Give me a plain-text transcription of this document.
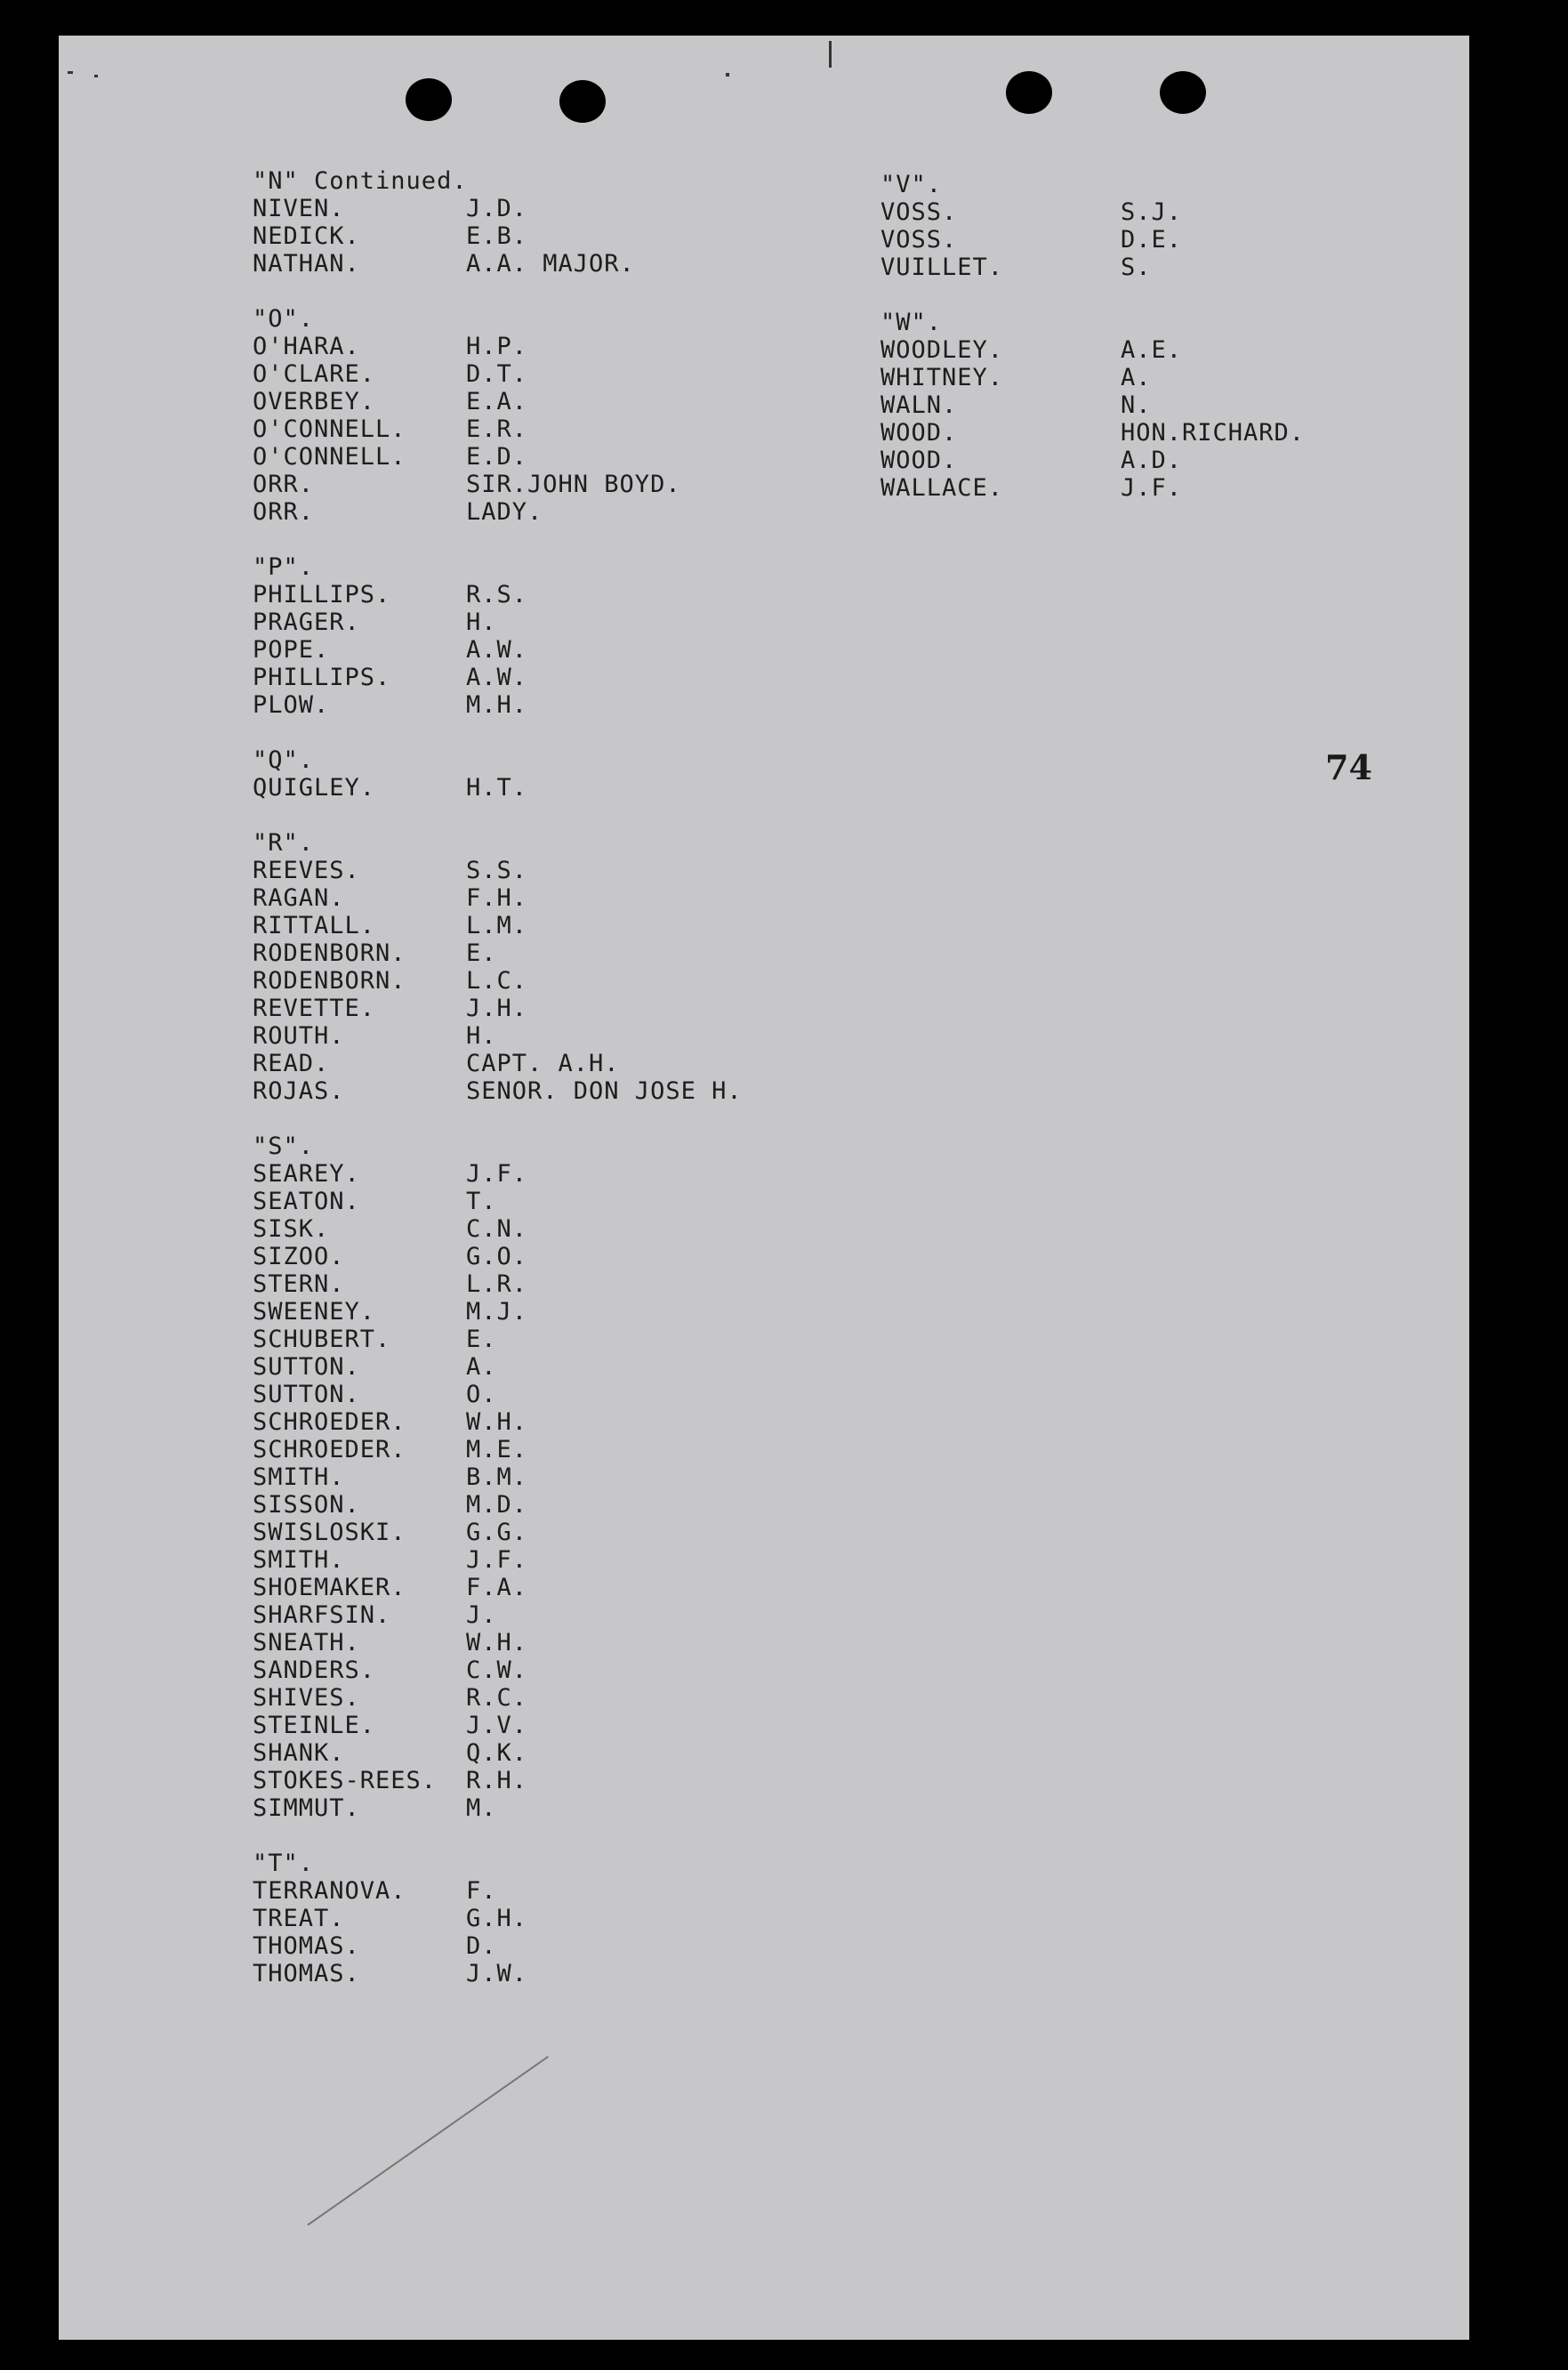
"N" Continued.
NIVEN.	J.D.
NEDICK.	E.B.
NATHAN.	A.A. MAJOR.
"O".
O'HARA.	H.P.
O'CLARE.	D.T.
OVERBEY.	E.A.
O'CONNELL.	E.R.
O'CONNELL.	E.D.
ORR.	SIR.JOHN BOYD.
ORR.	LADY.
"P".
PHILLIPS.	R.S.
PRAGER.	H.
POPE.	A.W.
PHILLIPS.	A.W.
PLOW.	M.H.
"Q".
QUIGLEY.	H.T.
"R".
REEVES.	S.S.
RAGAN.	F.H.
RITTALL.	L.M.
RODENBORN.	E.
RODENBORN.	L.C.
REVETTE.	J.H.
ROUTH.	H.
READ.	CAPT. A.H.
ROJAS.	SENOR. DON JOSE H.
"S".
SEAREY.	J.F.
SEATON.	T.
SISK.	C.N.
SIZOO.	G.O.
STERN.	L.R.
SWEENEY.	M.J.
SCHUBERT.	E.
SUTTON.	A.
SUTTON.	O.
SCHROEDER.	W.H.
SCHROEDER.	M.E.
SMITH.	B.M.
SISSON.	M.D.
SWISLOSKI.	G.G.
SMITH.	J.F.
SHOEMAKER.	F.A.
SHARFSIN.	J.
SNEATH.	W.H.
SANDERS.	C.W.
SHIVES.	R.C.
STEINLE.	J.V.
SHANK.	Q.K.
STOKES-REES.	R.H.
SIMMUT.	M.
"T".
TERRANOVA.	F.
TREAT.	G.H.
THOMAS.	D.
THOMAS.	J.W.
"V".
VOSS.	S.J.
VOSS.	D.E.
VUILLET.	S.
"W".
WOODLEY.	A.E.
WHITNEY.	A.
WALN.	N.
WOOD.	HON.RICHARD.
WOOD.	A.D.
WALLACE.	J.F.
74
